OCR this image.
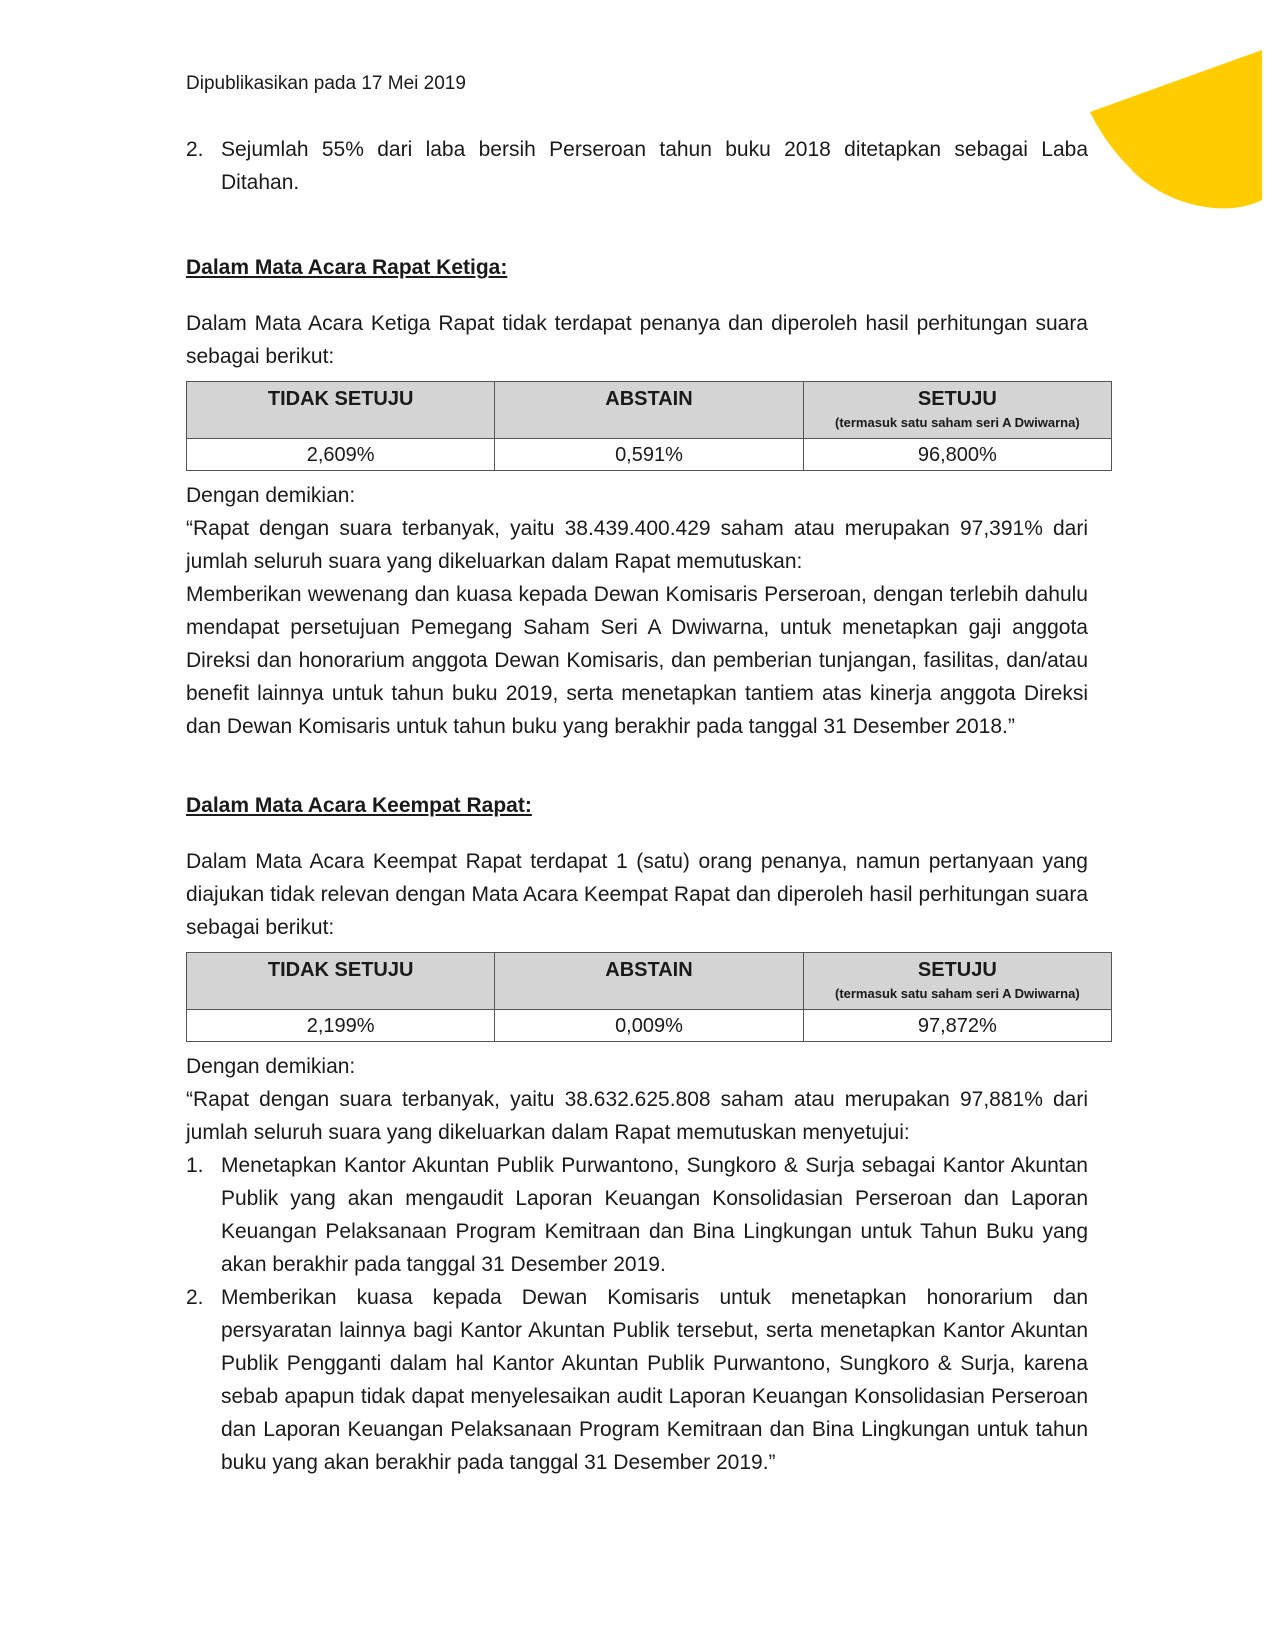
Dipublikasikan pada 17 Mei 2019
2. Sejumlah 55% dari laba bersih Perseroan tahun buku 2018 ditetapkan sebagai Laba Ditahan.

Dalam Mata Acara Rapat Ketiga:

Dalam Mata Acara Ketiga Rapat tidak terdapat penanya dan diperoleh hasil perhitungan suara sebagai berikut:

TIDAK SETUJU	ABSTAIN	SETUJU
(termasuk satu saham seri A Dwiwarna)

2,609%	0,591%	96,800%

Dengan demikian:

“Rapat dengan suara terbanyak, yaitu 38.439.400.429 saham atau merupakan 97,391% dari jumlah seluruh suara yang dikeluarkan dalam Rapat memutuskan:

Memberikan wewenang dan kuasa kepada Dewan Komisaris Perseroan, dengan terlebih dahulu mendapat persetujuan Pemegang Saham Seri A Dwiwarna, untuk menetapkan gaji anggota Direksi dan honorarium anggota Dewan Komisaris, dan pemberian tunjangan, fasilitas, dan/atau benefit lainnya untuk tahun buku 2019, serta menetapkan tantiem atas kinerja anggota Direksi dan Dewan Komisaris untuk tahun buku yang berakhir pada tanggal 31 Desember 2018.”

Dalam Mata Acara Keempat Rapat:

Dalam Mata Acara Keempat Rapat terdapat 1 (satu) orang penanya, namun pertanyaan yang diajukan tidak relevan dengan Mata Acara Keempat Rapat dan diperoleh hasil perhitungan suara sebagai berikut:

TIDAK SETUJU	ABSTAIN	SETUJU
(termasuk satu saham seri A Dwiwarna)

2,199%	0,009%	97,872%

Dengan demikian:

“Rapat dengan suara terbanyak, yaitu 38.632.625.808 saham atau merupakan 97,881% dari jumlah seluruh suara yang dikeluarkan dalam Rapat memutuskan menyetujui:

1. Menetapkan Kantor Akuntan Publik Purwantono, Sungkoro & Surja sebagai Kantor Akuntan Publik yang akan mengaudit Laporan Keuangan Konsolidasian Perseroan dan Laporan Keuangan Pelaksanaan Program Kemitraan dan Bina Lingkungan untuk Tahun Buku yang akan berakhir pada tanggal 31 Desember 2019.
2. Memberikan kuasa kepada Dewan Komisaris untuk menetapkan honorarium dan persyaratan lainnya bagi Kantor Akuntan Publik tersebut, serta menetapkan Kantor Akuntan Publik Pengganti dalam hal Kantor Akuntan Publik Purwantono, Sungkoro & Surja, karena sebab apapun tidak dapat menyelesaikan audit Laporan Keuangan Konsolidasian Perseroan dan Laporan Keuangan Pelaksanaan Program Kemitraan dan Bina Lingkungan untuk tahun buku yang akan berakhir pada tanggal 31 Desember 2019.”
